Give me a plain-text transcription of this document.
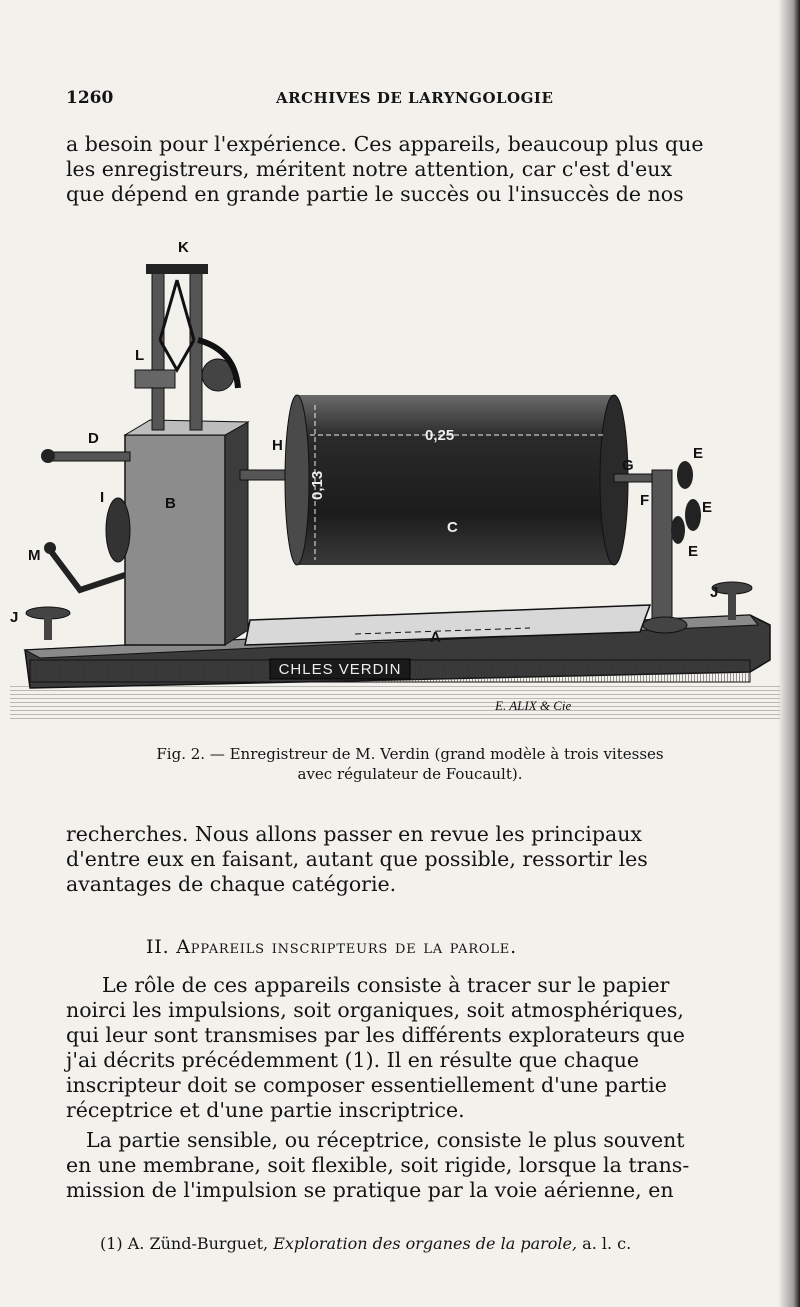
1260	ARCHIVES DE LARYNGOLOGIE

a besoin pour l'expérience. Ces appareils, beaucoup plus que
les enregistreurs, méritent notre attention, car c'est d'eux
que dépend en grande partie le succès ou l'insuccès de nos

CHLES VERDIN
A
B
K
L
D
I
M
J
H
0,25
0,13
C
G
F
E
E
E
J
E. ALIX & Cie
Fig. 2. — Enregistreur de M. Verdin (grand modèle à trois vitesses
avec régulateur de Foucault).

recherches. Nous allons passer en revue les principaux
d'entre eux en faisant, autant que possible, ressortir les
avantages de chaque catégorie.

II. Appareils inscripteurs de la parole.

Le rôle de ces appareils consiste à tracer sur le papier
noirci les impulsions, soit organiques, soit atmosphériques,
qui leur sont transmises par les différents explorateurs que
j'ai décrits précédemment (1). Il en résulte que chaque
inscripteur doit se composer essentiellement d'une partie
réceptrice et d'une partie inscriptrice.

La partie sensible, ou réceptrice, consiste le plus souvent
en une membrane, soit flexible, soit rigide, lorsque la trans-
mission de l'impulsion se pratique par la voie aérienne, en

(1) A. Zünd-Burguet, Exploration des organes de la parole, a. l. c.
